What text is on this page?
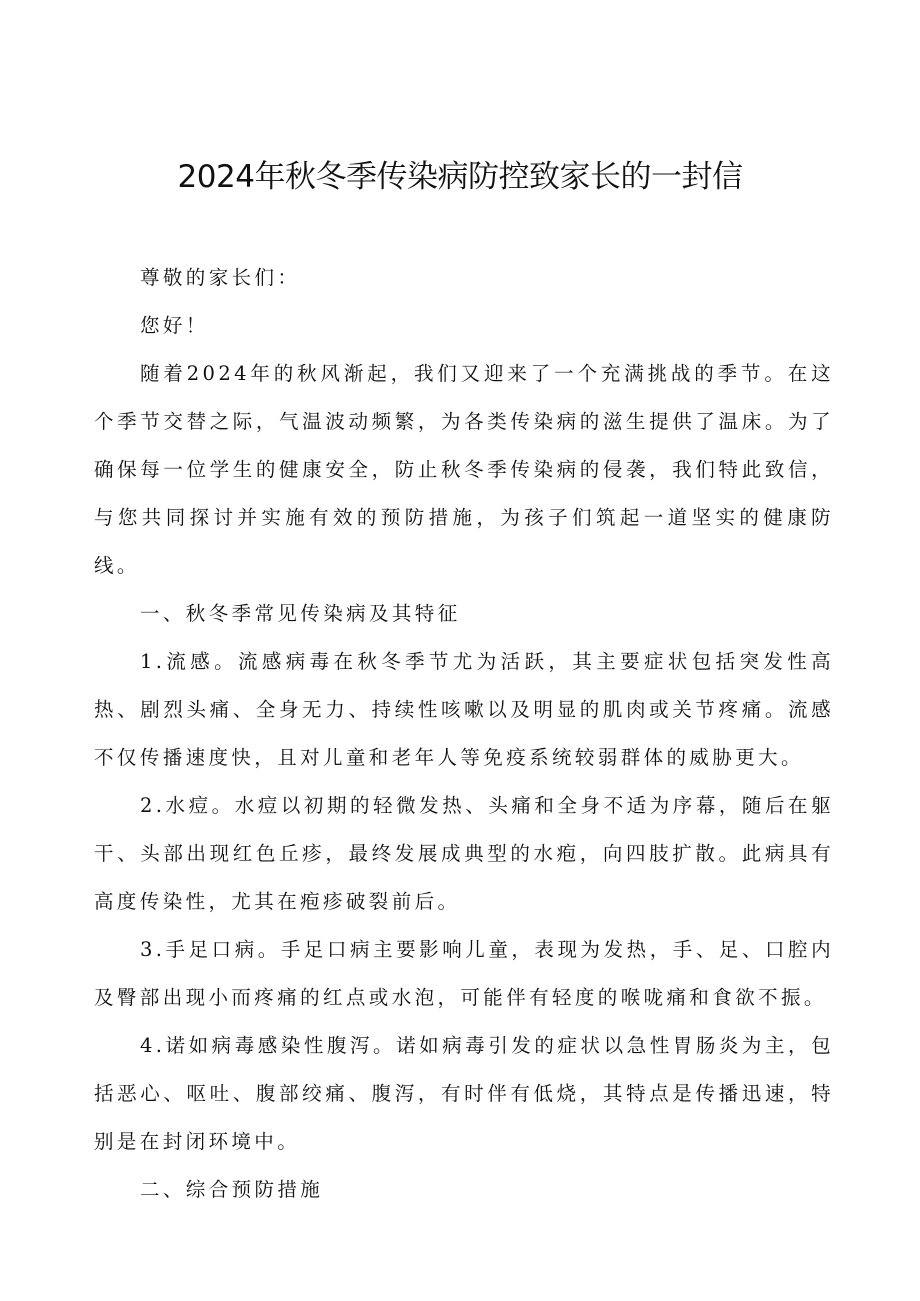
2024年秋冬季传染病防控致家长的一封信

尊敬的家长们：

您好！

随着2024年的秋风渐起，我们又迎来了一个充满挑战的季节。在这个季节交替之际，气温波动频繁，为各类传染病的滋生提供了温床。为了确保每一位学生的健康安全，防止秋冬季传染病的侵袭，我们特此致信，与您共同探讨并实施有效的预防措施，为孩子们筑起一道坚实的健康防线。

一、秋冬季常见传染病及其特征

1.流感。流感病毒在秋冬季节尤为活跃，其主要症状包括突发性高热、剧烈头痛、全身无力、持续性咳嗽以及明显的肌肉或关节疼痛。流感不仅传播速度快，且对儿童和老年人等免疫系统较弱群体的威胁更大。

2.水痘。水痘以初期的轻微发热、头痛和全身不适为序幕，随后在躯干、头部出现红色丘疹，最终发展成典型的水疱，向四肢扩散。此病具有高度传染性，尤其在疱疹破裂前后。

3.手足口病。手足口病主要影响儿童，表现为发热，手、足、口腔内及臀部出现小而疼痛的红点或水泡，可能伴有轻度的喉咙痛和食欲不振。

4.诺如病毒感染性腹泻。诺如病毒引发的症状以急性胃肠炎为主，包括恶心、呕吐、腹部绞痛、腹泻，有时伴有低烧，其特点是传播迅速，特别是在封闭环境中。

二、综合预防措施
